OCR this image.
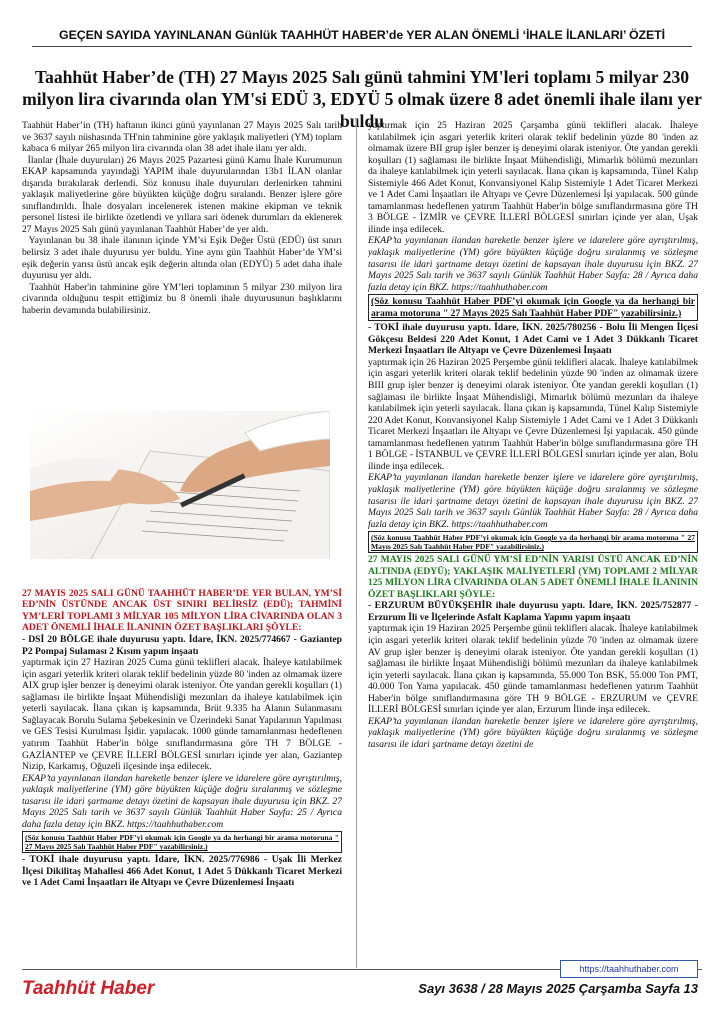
GEÇEN SAYIDA YAYINLANAN Günlük TAAHHÜT HABER’de YER ALAN ÖNEMLİ ‘İHALE İLANLARI’ ÖZETİ
Taahhüt Haber’de (TH) 27 Mayıs 2025 Salı günü tahmini YM'leri toplamı 5 milyar 230 milyon lira civarında olan YM'si EDÜ 3, EDYÜ 5 olmak üzere 8 adet önemli ihale ilanı yer buldu

Taahhüt Haber’in (TH) haftanın ikinci günü yayınlanan 27 Mayıs 2025 Salı tarih ve 3637 sayılı nüshasında TH'nin tahminine göre yaklaşık maliyetleri (YM) toplam kabaca 6 milyar 265 milyon lira civarında olan 38 adet ihale ilanı yer aldı.

İlanlar (İhale duyuruları) 26 Mayıs 2025 Pazartesi günü Kamu İhale Kurumunun EKAP kapsamında yayındaği YAPIM ihale duyurularından 13b1 İLAN olanlar dışarıda bırakılarak derlendi. Söz konusu ihale duyuruları derlenirken tahmini yaklaşık maliyetlerine göre büyükten küçüğe doğru sıralandı. Benzer işlere göre sınıflandırıldı. İhale dosyaları incelenerek istenen makine ekipman ve teknik personel listesi ile birlikte özetlendi ve yıllara sari ödenek durumları da eklenerek 27 Mayıs 2025 Salı günü yayınlanan Taahhüt Haber’de yer aldı.

Yayınlanan bu 38 ihale ilanının içinde YM’si Eşik Değer Üstü (EDÜ) üst sınırı belirsiz 3 adet ihale duyurusu yer buldu. Yine aynı gün Taahhüt Haber’de YM’si eşik değerin yarısı üstü ancak eşik değerin altında olan (EDYÜ) 5 adet daha ihale duyurusu yer aldı.

Taahhüt Haber'in tahminine göre YM’leri toplamının 5 milyar 230 milyon lira civarında olduğunu tespit ettiğimiz bu 8 önemli ihale duyurusunun başlıklarını haberin devamında bulabilirsiniz.

27 MAYIS 2025 SALI GÜNÜ TAAHHÜT HABER’DE YER BULAN, YM’Sİ ED’NİN ÜSTÜNDE ANCAK ÜST SINIRI BELİRSİZ (EDÜ); TAHMİNİ YM’LERİ TOPLAMI 3 MİLYAR 105 MİLYON LİRA CİVARINDA OLAN 3 ADET ÖNEMLİ İHALE İLANININ ÖZET BAŞLIKLARI ŞÖYLE:

- DSİ 20 BÖLGE ihale duyurusu yaptı. İdare, İKN. 2025/774667 - Gaziantep P2 Pompaj Sulaması 2 Kısım yapım inşaatı

yaptırmak için 27 Haziran 2025 Cuma günü teklifleri alacak. İhaleye katılabilmek için asgari yeterlik kriteri olarak teklif bedelinin yüzde 80 'inden az olmamak üzere AIX grup işler benzer iş deneyimi olarak isteniyor. Öte yandan gerekli koşulları (1) sağlaması ile birlikte İnşaat Mühendisliği mezunları da ihaleye katılabilmek için yeterli sayılacak. İlana çıkan iş kapsamında, Brüt 9.335 ha Alanın Sulanmasını Sağlayacak Borulu Sulama Şebekesinin ve Üzerindeki Sanat Yapılarının Yapılması ve GES Tesisi Kurulması İşidir. yapılacak. 1000 günde tamamlanması hedeflenen yatırım Taahhüt Haber'in bölge sınıflandırmasına göre TH 7 BÖLGE - GAZİANTEP ve ÇEVRE İLLERİ BÖLGESİ sınırları içinde yer alan, Gaziantep Nizip, Karkamış, Oğuzeli ilçesinde inşa edilecek.

EKAP’ta yayınlanan ilandan hareketle benzer işlere ve idarelere göre ayrıştırılmış, yaklaşık maliyetlerine (YM) göre büyükten küçüğe doğru sıralanmış ve sözleşme tasarısı ile idari şartname detayı özetini de kapsayan ihale duyurusu için BKZ. 27 Mayıs 2025 Salı tarih ve 3637 sayılı Günlük Taahhüt Haber Sayfa: 25 / Ayrıca daha fazla detay için BKZ. https://taahhuthaber.com

(Söz konusu Taahhüt Haber PDF’yi okumak için Google ya da herhangi bir arama motoruna " 27 Mayıs 2025 Salı Taahhüt Haber PDF" yazabilirsiniz.)

- TOKİ ihale duyurusu yaptı. İdare, İKN. 2025/776986 - Uşak İli Merkez İlçesi Dikilitaş Mahallesi 466 Adet Konut, 1 Adet 5 Dükkanlı Ticaret Merkezi ve 1 Adet Cami İnşaatları ile Altyapı ve Çevre Düzenlemesi İnşaatı

yaptırmak için 25 Haziran 2025 Çarşamba günü teklifleri alacak. İhaleye katılabilmek için asgari yeterlik kriteri olarak teklif bedelinin yüzde 80 'inden az olmamak üzere BII grup işler benzer iş deneyimi olarak isteniyor. Öte yandan gerekli koşulları (1) sağlaması ile birlikte İnşaat Mühendisliği, Mimarlık bölümü mezunları da ihaleye katılabilmek için yeterli sayılacak. İlana çıkan iş kapsamında, Tünel Kalıp Sistemiyle 466 Adet Konut, Konvansiyonel Kalıp Sistemiyle 1 Adet Ticaret Merkezi ve 1 Adet Cami İnşaatları ile Altyapı ve Çevre Düzenlemesi İşi yapılacak. 500 günde tamamlanması hedeflenen yatırım Taahhüt Haber'in bölge sınıflandırmasına göre TH 3 BÖLGE - İZMİR ve ÇEVRE İLLERİ BÖLGESİ sınırları içinde yer alan, Uşak ilinde inşa edilecek.

EKAP’ta yayınlanan ilandan hareketle benzer işlere ve idarelere göre ayrıştırılmış, yaklaşık maliyetlerine (YM) göre büyükten küçüğe doğru sıralanmış ve sözleşme tasarısı ile idari şartname detayı özetini de kapsayan ihale duyurusu için BKZ. 27 Mayıs 2025 Salı tarih ve 3637 sayılı Günlük Taahhüt Haber Sayfa: 28 / Ayrıca daha fazla detay için BKZ. https://taahhuthaber.com

(Söz konusu Taahhüt Haber PDF’yi okumak için Google ya da herhangi bir arama motoruna " 27 Mayıs 2025 Salı Taahhüt Haber PDF" yazabilirsiniz.)

- TOKİ ihale duyurusu yaptı. İdare, İKN. 2025/780256 - Bolu İli Mengen İlçesi Gökçesu Beldesi 220 Adet Konut, 1 Adet Cami ve 1 Adet 3 Dükkanlı Ticaret Merkezi İnşaatları ile Altyapı ve Çevre Düzenlemesi İnşaatı

yaptırmak için 26 Haziran 2025 Perşembe günü teklifleri alacak. İhaleye katılabilmek için asgari yeterlik kriteri olarak teklif bedelinin yüzde 90 'inden az olmamak üzere BIII grup işler benzer iş deneyimi olarak isteniyor. Öte yandan gerekli koşulları (1) sağlaması ile birlikte İnşaat Mühendisliği, Mimarlık bölümü mezunları da ihaleye katılabilmek için yeterli sayılacak. İlana çıkan iş kapsamında, Tünel Kalıp Sistemiyle 220 Adet Konut, Konvansiyonel Kalıp Sistemiyle 1 Adet Cami ve 1 Adet 3 Dükkanlı Ticaret Merkezi İnşaatları ile Altyapı ve Çevre Düzenlemesi İşi yapılacak. 450 günde tamamlanması hedeflenen yatırım Taahhüt Haber'in bölge sınıflandırmasına göre TH 1 BÖLGE - İSTANBUL ve ÇEVRE İLLERİ BÖLGESİ sınırları içinde yer alan, Bolu ilinde inşa edilecek.

EKAP’ta yayınlanan ilandan hareketle benzer işlere ve idarelere göre ayrıştırılmış, yaklaşık maliyetlerine (YM) göre büyükten küçüğe doğru sıralanmış ve sözleşme tasarısı ile idari şartname detayı özetini de kapsayan ihale duyurusu için BKZ. 27 Mayıs 2025 Salı tarih ve 3637 sayılı Günlük Taahhüt Haber Sayfa: 28 / Ayrıca daha fazla detay için BKZ. https://taahhuthaber.com

(Söz konusu Taahhüt Haber PDF’yi okumak için Google ya da herhangi bir arama motoruna " 27 Mayıs 2025 Salı Taahhüt Haber PDF" yazabilirsiniz.)

27 MAYIS 2025 SALI GÜNÜ YM’Sİ ED’NİN YARISI ÜSTÜ ANCAK ED’NİN ALTINDA (EDYÜ); YAKLAŞIK MALİYETLERİ (YM) TOPLAMI 2 MİLYAR 125 MİLYON LİRA CİVARINDA OLAN 5 ADET ÖNEMLİ İHALE İLANININ ÖZET BAŞLIKLARI ŞÖYLE:

- ERZURUM BÜYÜKŞEHİR ihale duyurusu yaptı. İdare, İKN. 2025/752877 - Erzurum İli ve İlçelerinde Asfalt Kaplama Yapımı yapım inşaatı

yaptırmak için 19 Haziran 2025 Perşembe günü teklifleri alacak. İhaleye katılabilmek için asgari yeterlik kriteri olarak teklif bedelinin yüzde 70 'inden az olmamak üzere AV grup işler benzer iş deneyimi olarak isteniyor. Öte yandan gerekli koşulları (1) sağlaması ile birlikte İnşaat Mühendisliği bölümü mezunları da ihaleye katılabilmek için yeterli sayılacak. İlana çıkan iş kapsamında, 55.000 Ton BSK, 55.000 Ton PMT, 40.000 Ton Yama yapılacak. 450 günde tamamlanması hedeflenen yatırım Taahhüt Haber'in bölge sınıflandırmasına göre TH 9 BÖLGE - ERZURUM ve ÇEVRE İLLERİ BÖLGESİ sınırları içinde yer alan, Erzurum İlinde inşa edilecek.

EKAP’ta yayınlanan ilandan hareketle benzer işlere ve idarelere göre ayrıştırılmış, yaklaşık maliyetlerine (YM) göre büyükten küçüğe doğru sıralanmış ve sözleşme tasarısı ile idari şartname detayı özetini de

https://taahhuthaber.com
Taahhüt Haber	Sayı 3638 / 28 Mayıs 2025 Çarşamba Sayfa 13
